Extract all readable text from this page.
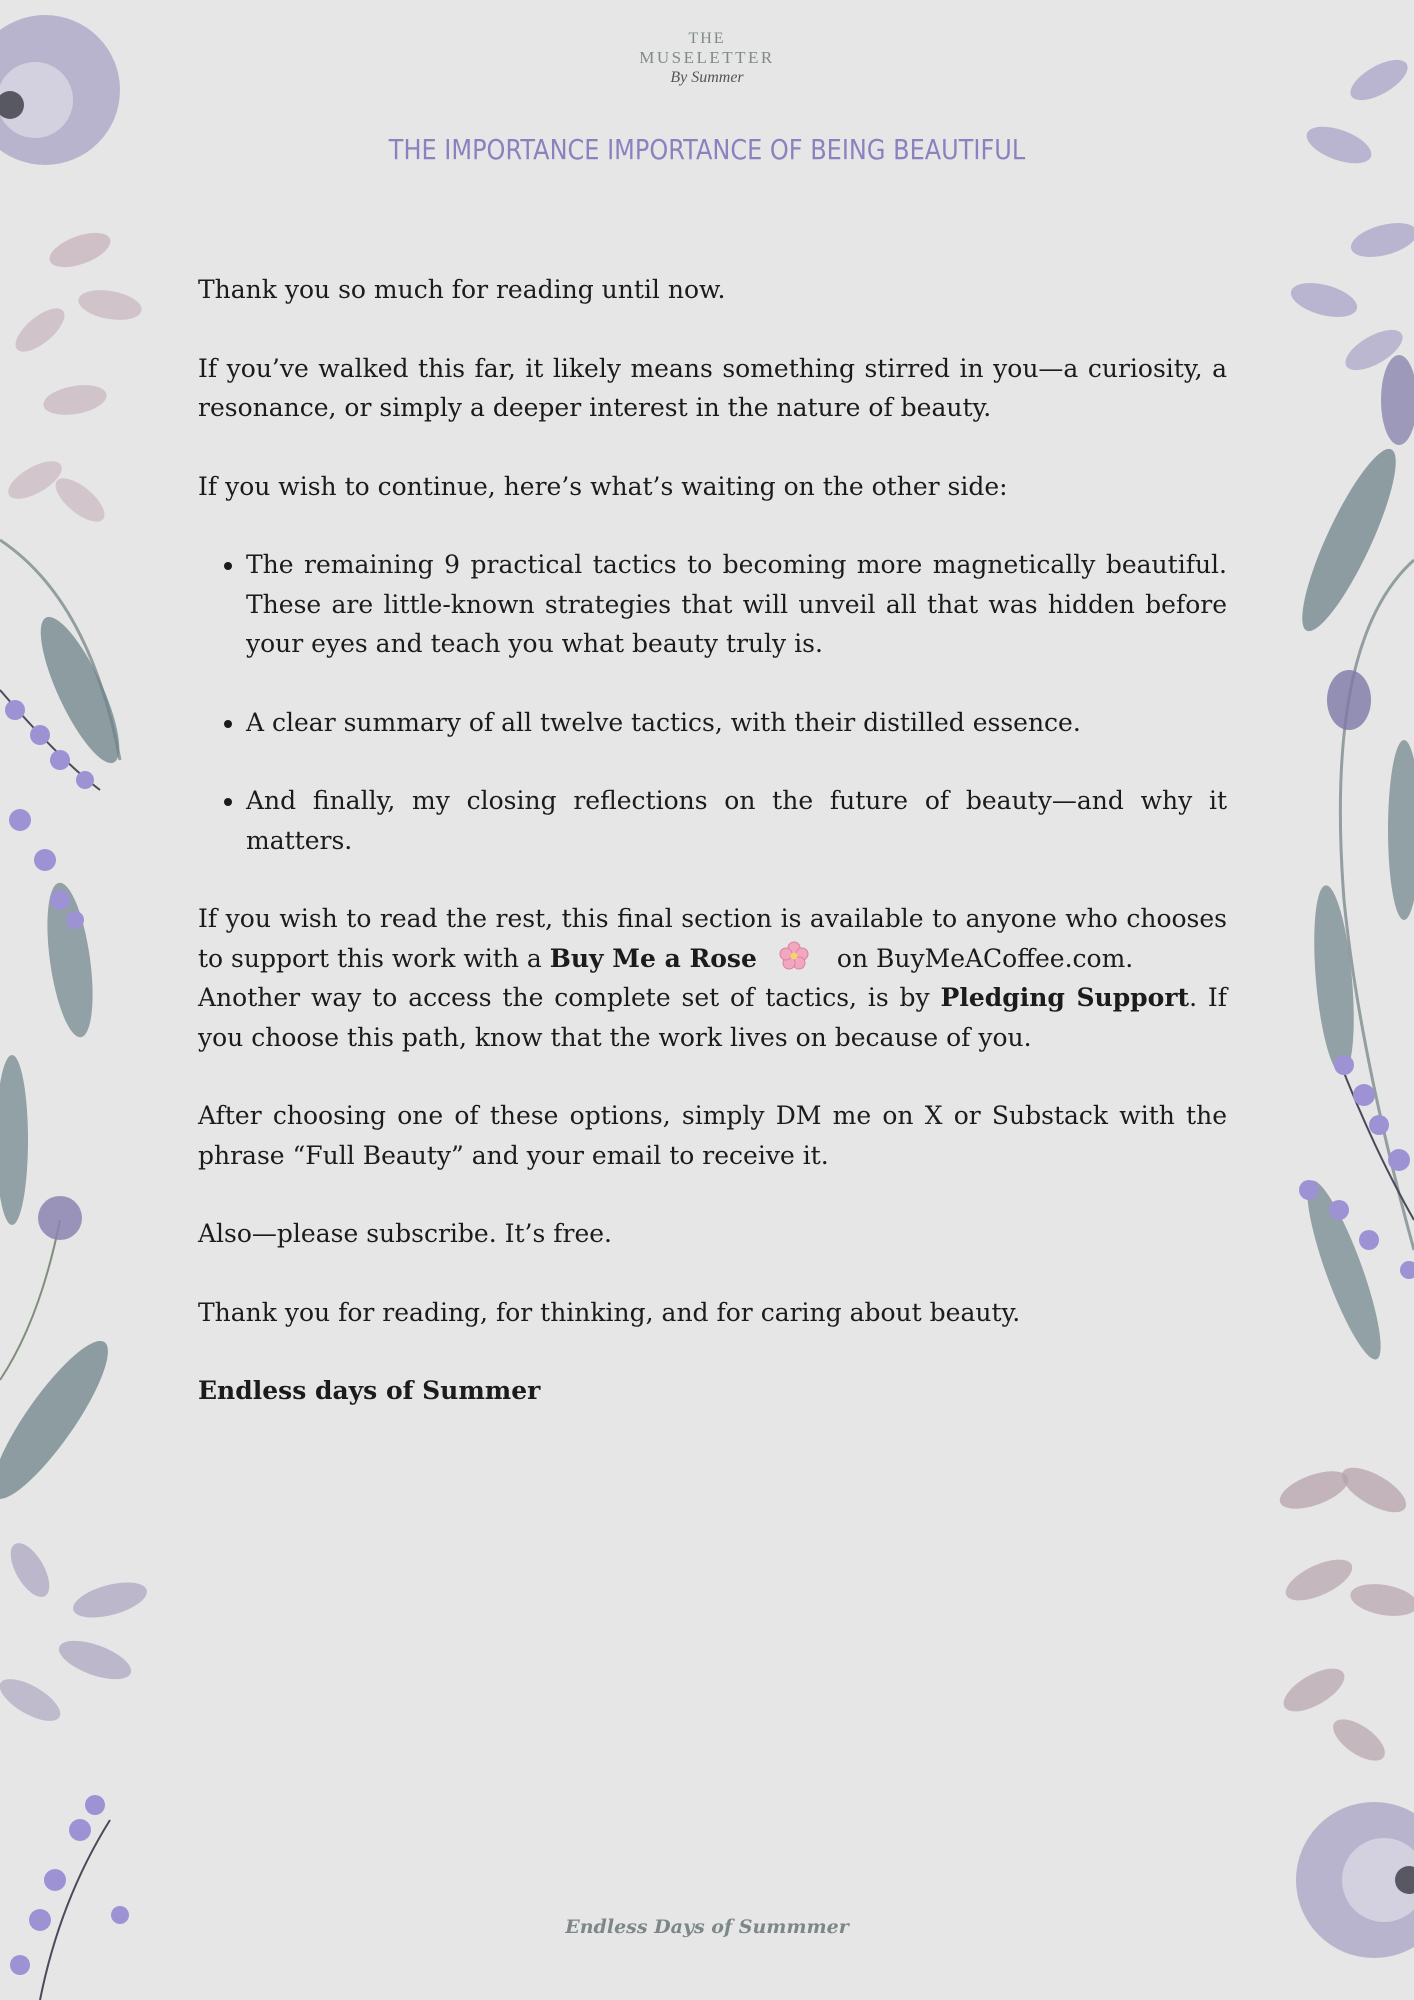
THE
MUSELETTER
By Summer
THE IMPORTANCE IMPORTANCE OF BEING BEAUTIFUL

Thank you so much for reading until now.

If you’ve walked this far, it likely means something stirred in you—a curiosity, a resonance, or simply a deeper interest in the nature of beauty.

If you wish to continue, here’s what’s waiting on the other side:

• The remaining 9 practical tactics to becoming more magnetically beautiful. These are little-known strategies that will unveil all that was hidden before your eyes and teach you what beauty truly is.
• A clear summary of all twelve tactics, with their distilled essence.
• And finally, my closing reflections on the future of beauty—and why it matters.

If you wish to read the rest, this final section is available to anyone who chooses to support this work with a Buy Me a Rose	on BuyMeACoffee.com.

Another way to access the complete set of tactics, is by Pledging Support. If you choose this path, know that the work lives on because of you.

After choosing one of these options, simply DM me on X or Substack with the phrase “Full Beauty” and your email to receive it.

Also—please subscribe. It’s free.

Thank you for reading, for thinking, and for caring about beauty.

Endless days of Summer

Endless Days of Summmer
